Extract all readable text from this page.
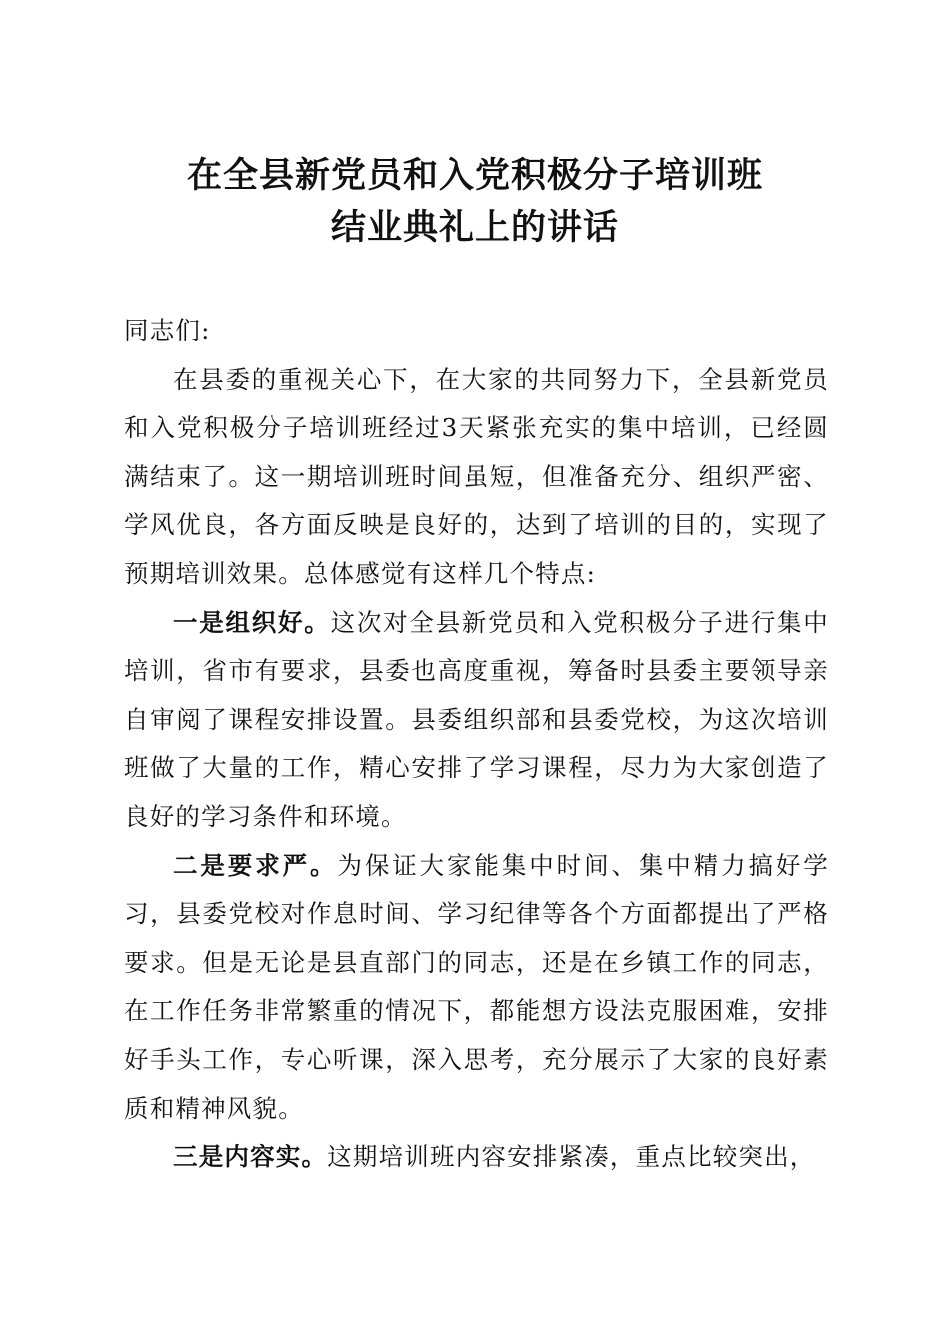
在全县新党员和入党积极分子培训班
结业典礼上的讲话

同志们:

在县委的重视关心下，在大家的共同努力下，全县新党员和入党积极分子培训班经过3天紧张充实的集中培训，已经圆满结束了。这一期培训班时间虽短，但准备充分、组织严密、学风优良，各方面反映是良好的，达到了培训的目的，实现了预期培训效果。总体感觉有这样几个特点:

一是组织好。这次对全县新党员和入党积极分子进行集中培训，省市有要求，县委也高度重视，筹备时县委主要领导亲自审阅了课程安排设置。县委组织部和县委党校，为这次培训班做了大量的工作，精心安排了学习课程，尽力为大家创造了良好的学习条件和环境。

二是要求严。为保证大家能集中时间、集中精力搞好学习，县委党校对作息时间、学习纪律等各个方面都提出了严格要求。但是无论是县直部门的同志，还是在乡镇工作的同志，在工作任务非常繁重的情况下，都能想方设法克服困难，安排好手头工作，专心听课，深入思考，充分展示了大家的良好素质和精神风貌。

三是内容实。这期培训班内容安排紧凑，重点比较突出，
